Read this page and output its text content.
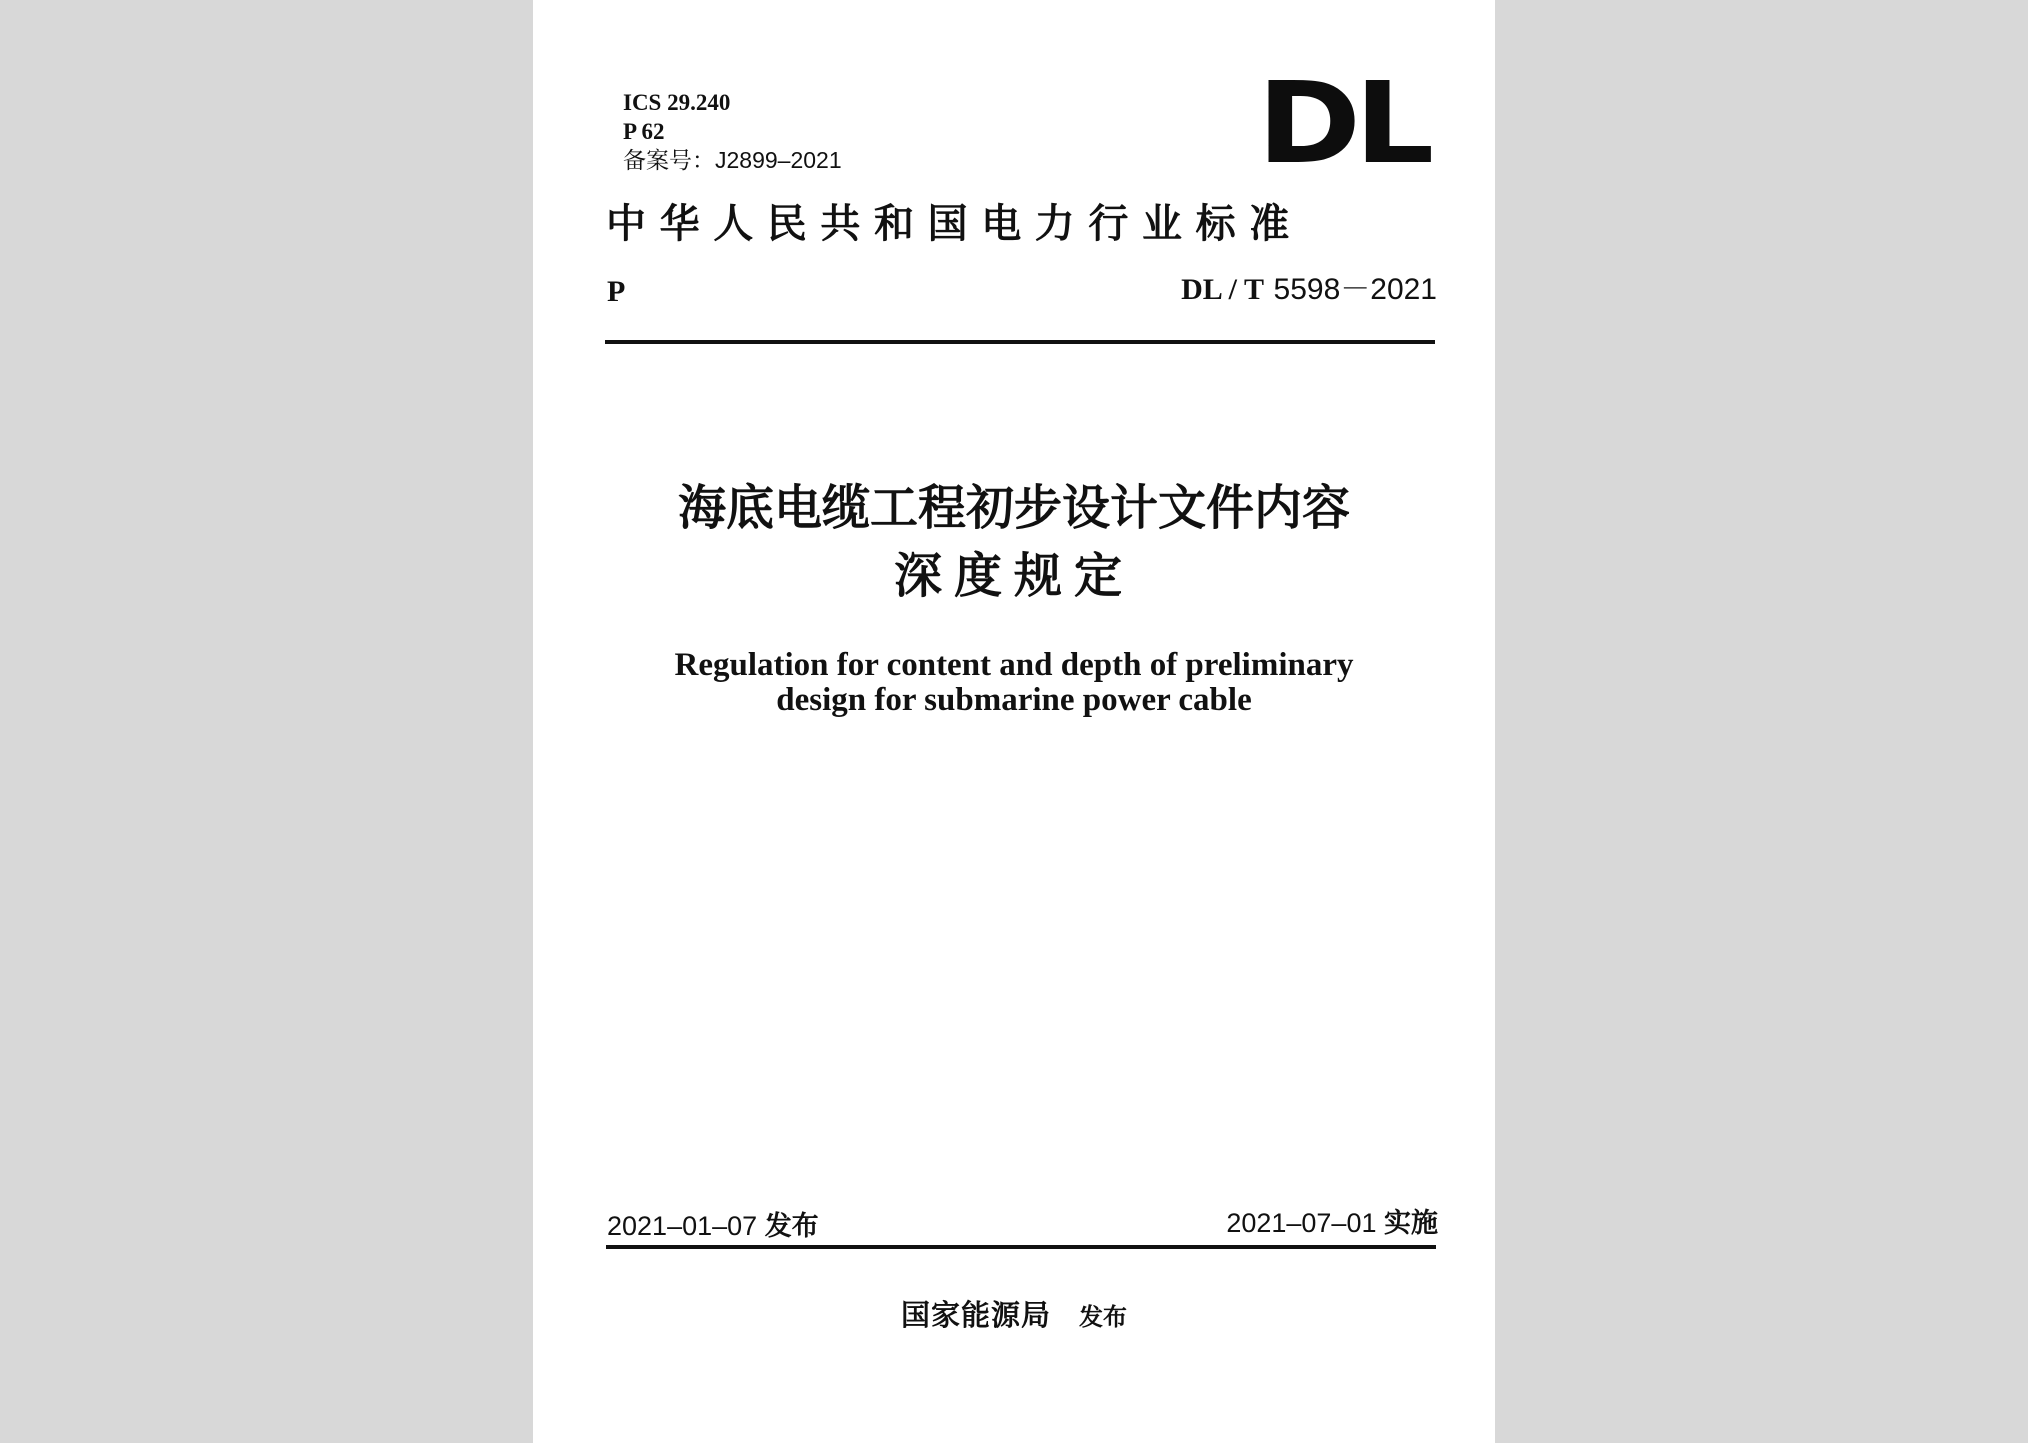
ICS 29.240
P 62
备案号：J2899–2021	DL
中华人民共和国电力行业标准
P	DL / T 5598－2021
海底电缆工程初步设计文件内容
深度规定
Regulation for content and depth of preliminary
design for submarine power cable
2021–01–07 发布	2021–07–01 实施
国家能源局 发布
